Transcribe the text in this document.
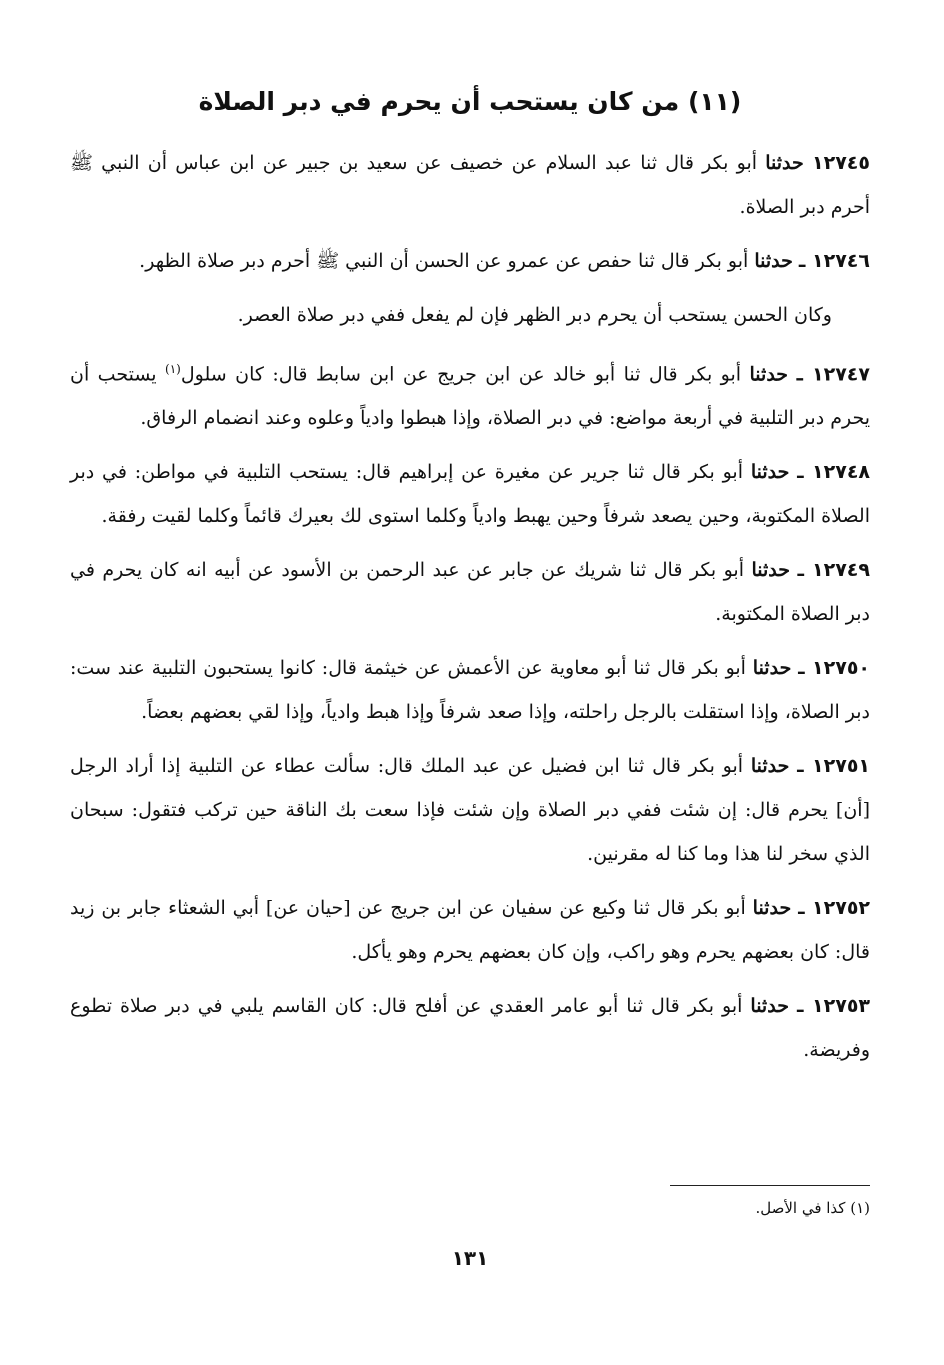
(١١) من كان يستحب أن يحرم في دبر الصلاة

١٢٧٤٥ حدثنا أبو بكر قال ثنا عبد السلام عن خصيف عن سعيد بن جبير عن ابن عباس أن النبي ﷺ أحرم دبر الصلاة.

١٢٧٤٦ ـ حدثنا أبو بكر قال ثنا حفص عن عمرو عن الحسن أن النبي ﷺ أحرم دبر صلاة الظهر.

وكان الحسن يستحب أن يحرم دبر الظهر فإن لم يفعل ففي دبر صلاة العصر.

١٢٧٤٧ ـ حدثنا أبو بكر قال ثنا أبو خالد عن ابن جريج عن ابن سابط قال: كان سلول$^{(١)}$ يستحب أن يحرم دبر التلبية في أربعة مواضع: في دبر الصلاة، وإذا هبطوا وادياً وعلوه وعند انضمام الرفاق.

١٢٧٤٨ ـ حدثنا أبو بكر قال ثنا جرير عن مغيرة عن إبراهيم قال: يستحب التلبية في مواطن: في دبر الصلاة المكتوبة، وحين يصعد شرفاً وحين يهبط وادياً وكلما استوى لك بعيرك قائماً وكلما لقيت رفقة.

١٢٧٤٩ ـ حدثنا أبو بكر قال ثنا شريك عن جابر عن عبد الرحمن بن الأسود عن أبيه انه كان يحرم في دبر الصلاة المكتوبة.

١٢٧٥٠ ـ حدثنا أبو بكر قال ثنا أبو معاوية عن الأعمش عن خيثمة قال: كانوا يستحبون التلبية عند ست: دبر الصلاة، وإذا استقلت بالرجل راحلته، وإذا صعد شرفاً وإذا هبط وادياً، وإذا لقي بعضهم بعضاً.

١٢٧٥١ ـ حدثنا أبو بكر قال ثنا ابن فضيل عن عبد الملك قال: سألت عطاء عن التلبية إذا أراد الرجل [أن] يحرم قال: إن شئت ففي دبر الصلاة وإن شئت فإذا سعت بك الناقة حين تركب فتقول: سبحان الذي سخر لنا هذا وما كنا له مقرنين.

١٢٧٥٢ ـ حدثنا أبو بكر قال ثنا وكيع عن سفيان عن ابن جريج عن [حيان عن] أبي الشعثاء جابر بن زيد قال: كان بعضهم يحرم وهو راكب، وإن كان بعضهم يحرم وهو يأكل.

١٢٧٥٣ ـ حدثنا أبو بكر قال ثنا أبو عامر العقدي عن أفلح قال: كان القاسم يلبي في دبر صلاة تطوع وفريضة.

(١) كذا في الأصل.
١٣١
